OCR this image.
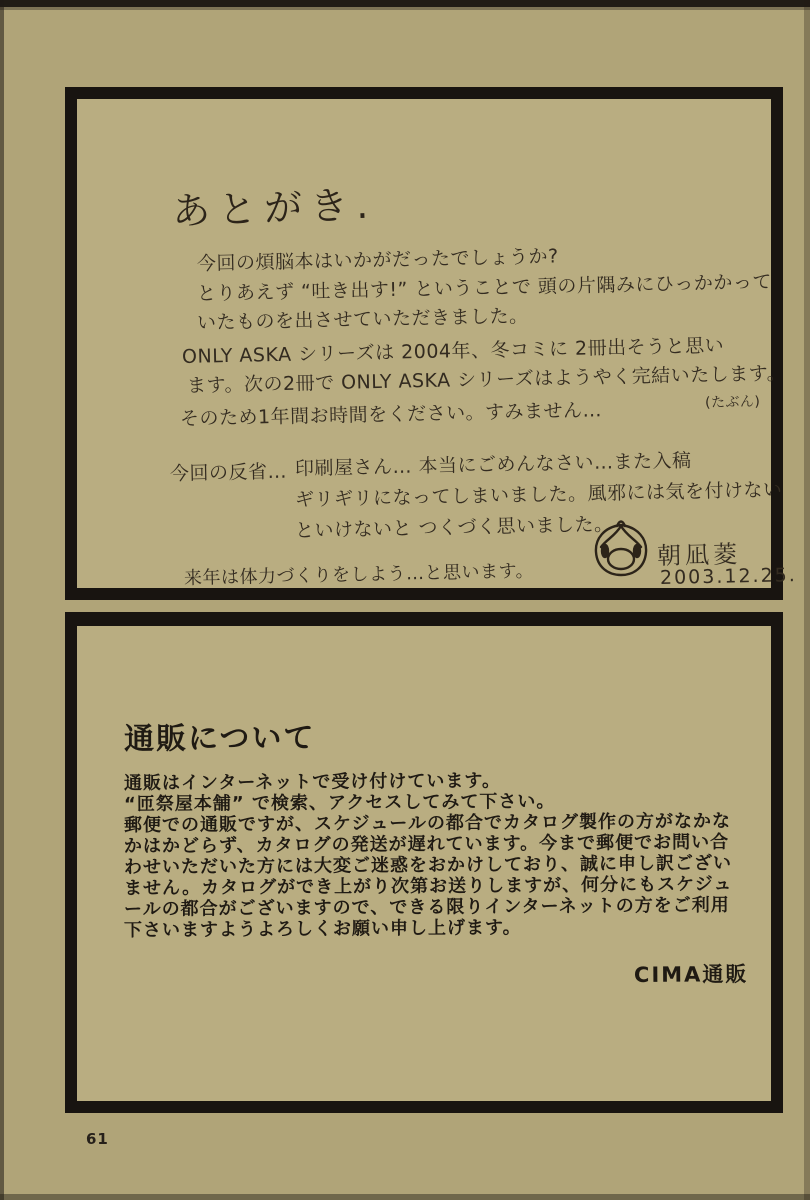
あとがき.
今回の煩脳本はいかがだったでしょうか?
とりあえず “吐き出す!” ということで 頭の片隅みにひっかかって
いたものを出させていただきました。
ONLY ASKA シリーズは 2004年、冬コミに 2冊出そうと思い
ます。次の2冊で ONLY ASKA シリーズはようやく完結いたします。
(たぶん)
そのため1年間お時間をください。すみません…
今回の反省… 印刷屋さん… 本当にごめんなさい…また入稿
ギリギリになってしまいました。風邪には気を付けない
といけないと つくづく思いました。
朝凪菱
2003.12.25.
来年は体力づくりをしよう…と思います。
通販について
通販はインターネットで受け付けています。
“匝祭屋本舗” で検索、アクセスしてみて下さい。
郵便での通販ですが、スケジュールの都合でカタログ製作の方がなかな
かはかどらず、カタログの発送が遅れています。今まで郵便でお問い合
わせいただいた方には大変ご迷惑をおかけしており、誠に申し訳ござい
ません。カタログができ上がり次第お送りしますが、何分にもスケジュ
ールの都合がございますので、できる限りインターネットの方をご利用
下さいますようよろしくお願い申し上げます。
CIMA通販
61
